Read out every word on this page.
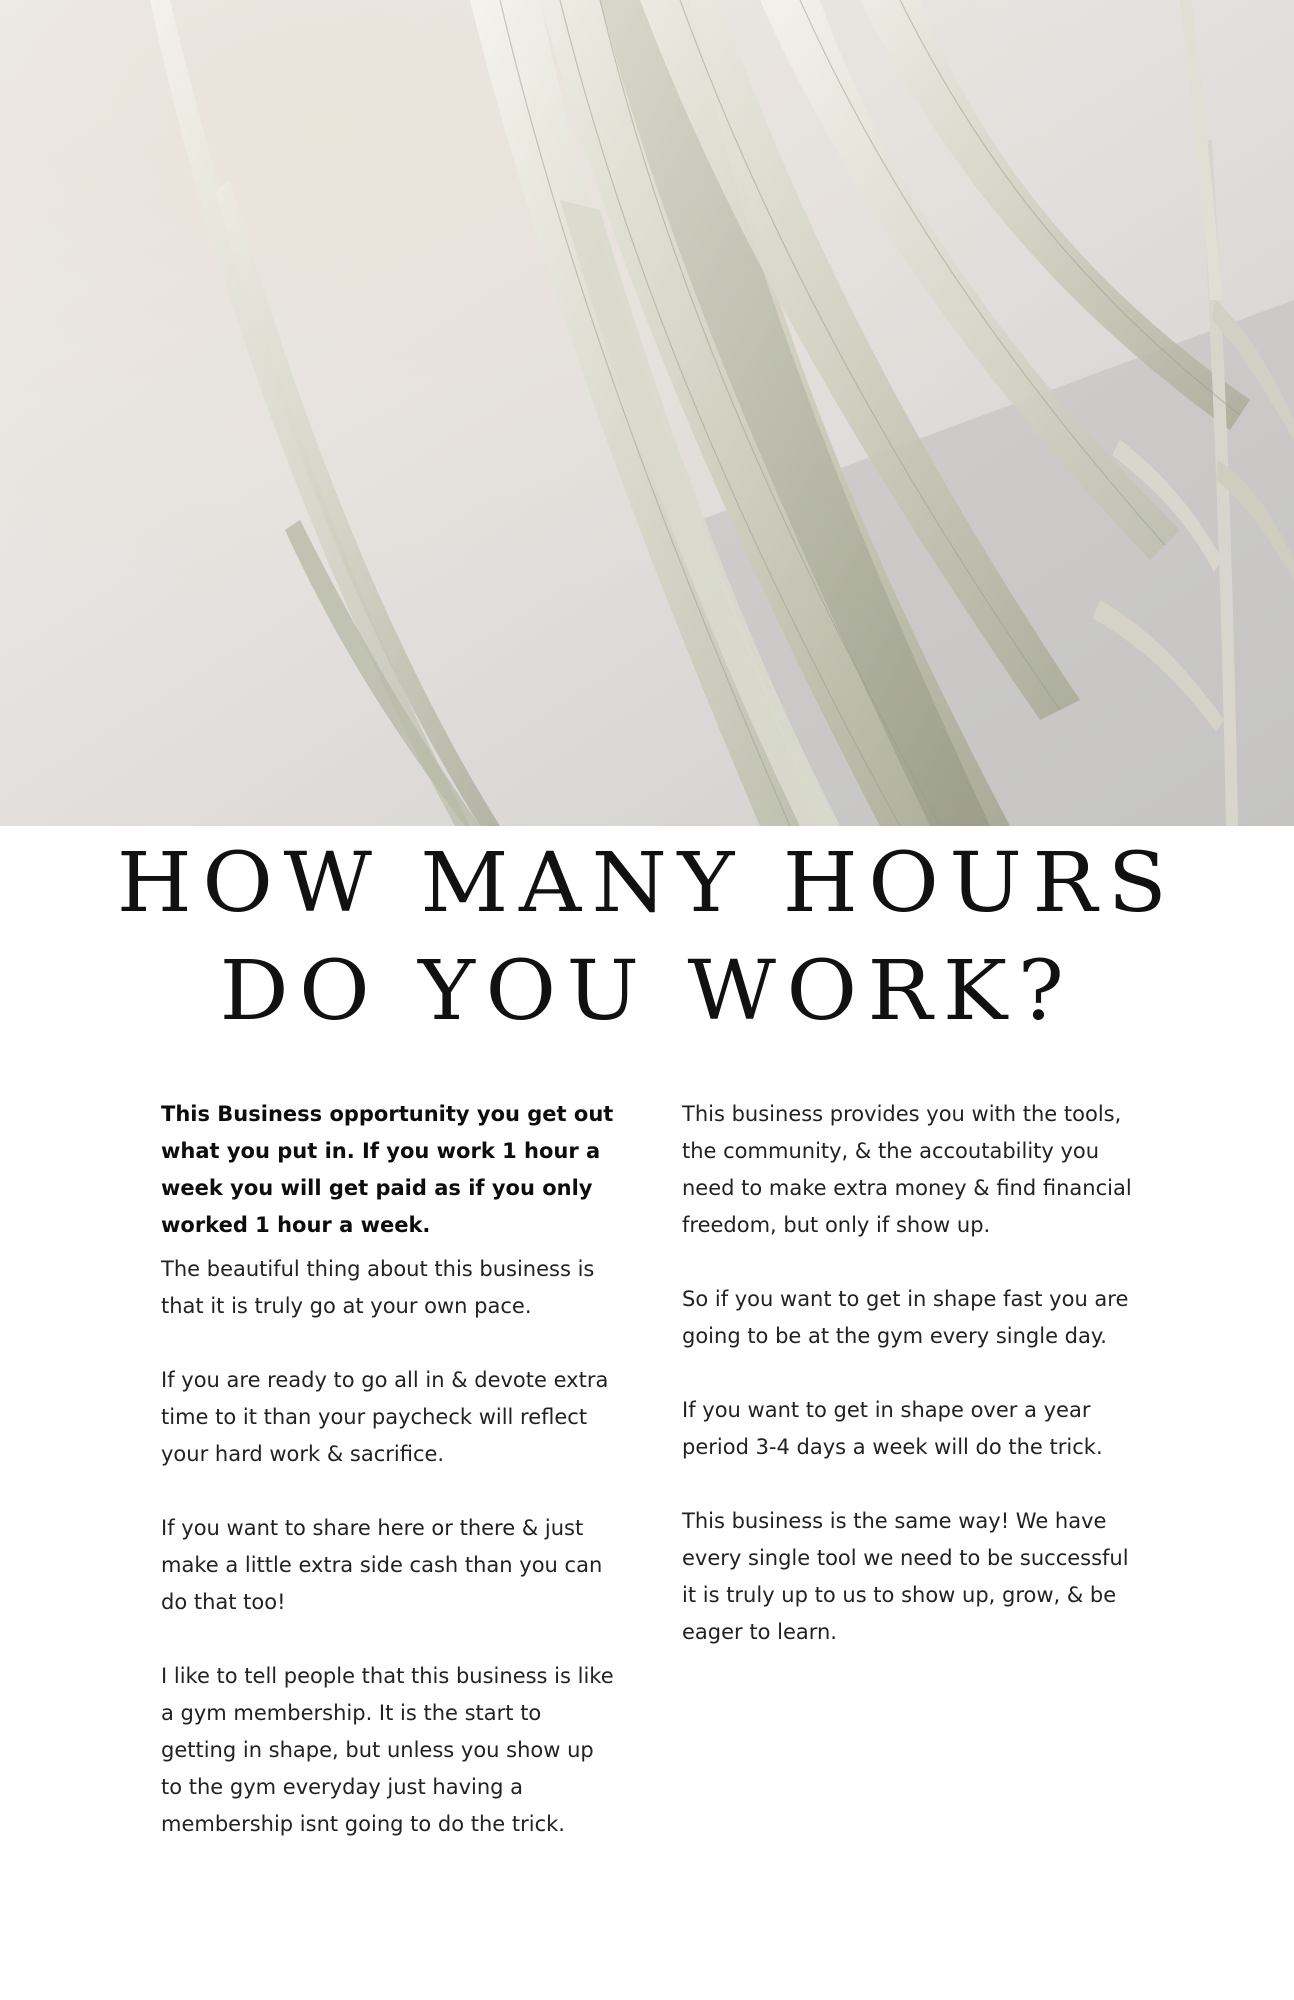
HOW MANY HOURS
DO YOU WORK?

This Business opportunity you get out what you put in. If you work 1 hour a week you will get paid as if you only worked 1 hour a week.

The beautiful thing about this business is that it is truly go at your own pace.

If you are ready to go all in & devote extra time to it than your paycheck will reflect your hard work & sacrifice.

If you want to share here or there & just make a little extra side cash than you can do that too!

I like to tell people that this business is like a gym membership. It is the start to getting in shape, but unless you show up to the gym everyday just having a membership isnt going to do the trick.

This business provides you with the tools, the community, & the accoutability you need to make extra money & find financial freedom, but only if show up.

So if you want to get in shape fast you are going to be at the gym every single day.

If you want to get in shape over a year period 3-4 days a week will do the trick.

This business is the same way! We have every single tool we need to be successful it is truly up to us to show up, grow, & be eager to learn.
